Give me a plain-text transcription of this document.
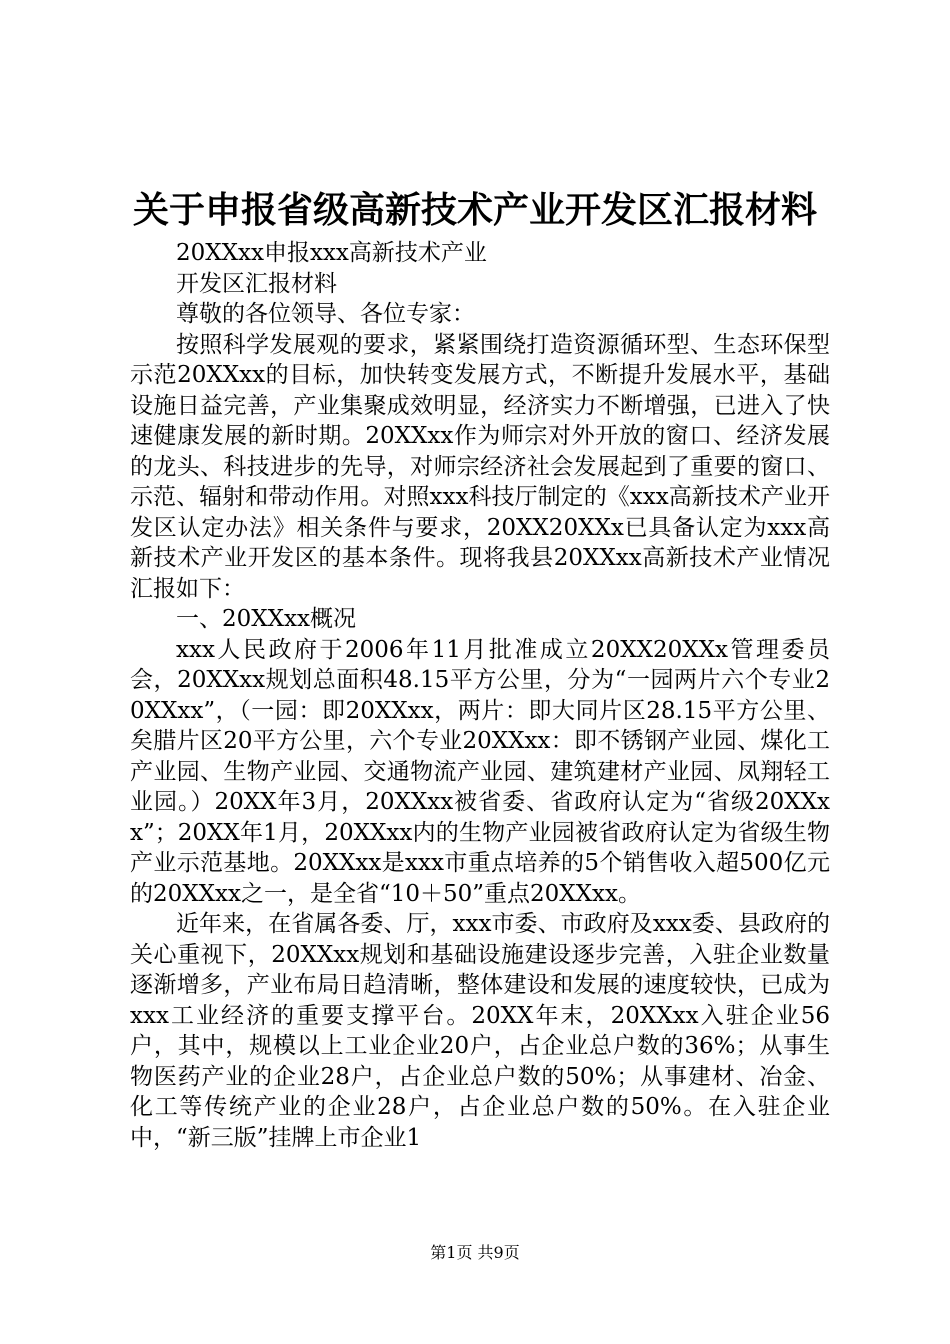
关于申报省级高新技术产业开发区汇报材料

20XXxx申报xxx高新技术产业

开发区汇报材料

尊敬的各位领导、各位专家：

按照科学发展观的要求，紧紧围绕打造资源循环型、生态环保型示范20XXxx的目标，加快转变发展方式，不断提升发展水平，基础设施日益完善，产业集聚成效明显，经济实力不断增强，已进入了快速健康发展的新时期。20XXxx作为师宗对外开放的窗口、经济发展的龙头、科技进步的先导，对师宗经济社会发展起到了重要的窗口、示范、辐射和带动作用。对照xxx科技厅制定的《xxx高新技术产业开发区认定办法》相关条件与要求，20XX20XXx已具备认定为xxx高新技术产业开发区的基本条件。现将我县20XXxx高新技术产业情况汇报如下：

一、20XXxx概况

xxx人民政府于2006年11月批准成立20XX20XXx管理委员会，20XXxx规划总面积48.15平方公里，分为“一园两片六个专业20XXxx”，（一园：即20XXxx，两片：即大同片区28.15平方公里、矣腊片区20平方公里，六个专业20XXxx：即不锈钢产业园、煤化工产业园、生物产业园、交通物流产业园、建筑建材产业园、凤翔轻工业园。）20XX年3月，20XXxx被省委、省政府认定为“省级20XXxx”；20XX年1月，20XXxx内的生物产业园被省政府认定为省级生物产业示范基地。20XXxx是xxx市重点培养的5个销售收入超500亿元的20XXxx之一，是全省“10＋50”重点20XXxx。

近年来，在省属各委、厅，xxx市委、市政府及xxx委、县政府的关心重视下，20XXxx规划和基础设施建设逐步完善，入驻企业数量逐渐增多，产业布局日趋清晰，整体建设和发展的速度较快，已成为xxx工业经济的重要支撑平台。20XX年末，20XXxx入驻企业56户，其中，规模以上工业企业20户，占企业总户数的36%；从事生物医药产业的企业28户，占企业总户数的50%；从事建材、冶金、化工等传统产业的企业28户，占企业总户数的50%。在入驻企业中，“新三版”挂牌上市企业1

第1页 共9页
